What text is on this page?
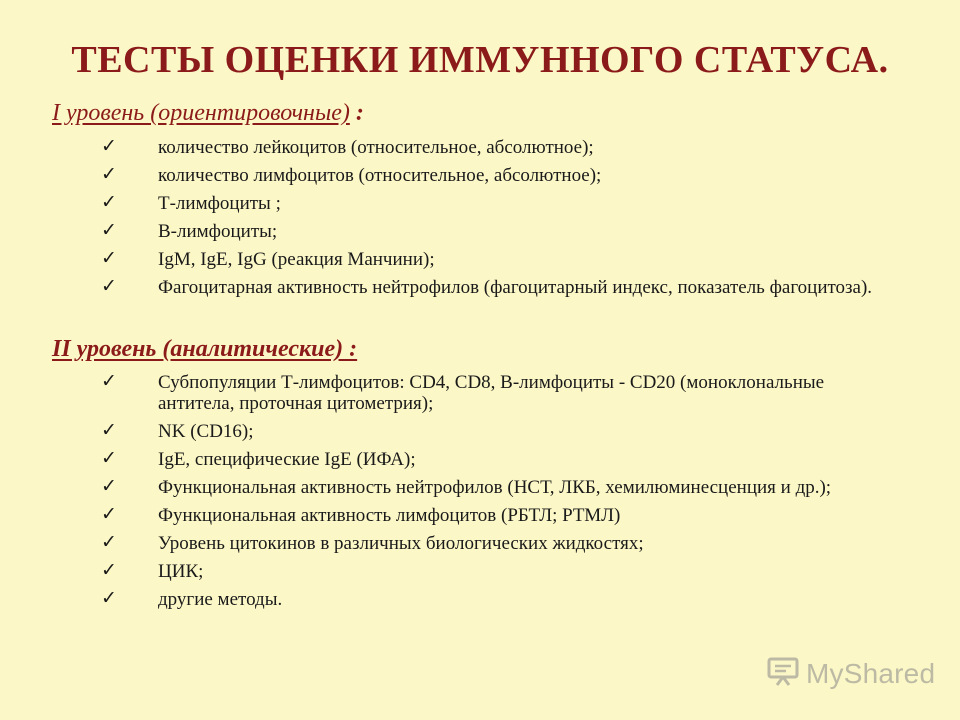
ТЕСТЫ ОЦЕНКИ ИММУННОГО СТАТУСА.
I уровень (ориентировочные) :
✓ количество лейкоцитов (относительное, абсолютное);
✓ количество лимфоцитов (относительное, абсолютное);
✓ Т-лимфоциты ;
✓ В-лимфоциты;
✓ IgM, IgE, IgG (реакция Манчини);
✓ Фагоцитарная активность нейтрофилов (фагоцитарный индекс, показатель фагоцитоза).
II уровень (аналитические) :
✓ Субпопуляции Т-лимфоцитов: CD4, CD8, В-лимфоциты - CD20 (моноклональные антитела, проточная цитометрия);
✓ NK (CD16);
✓ IgE, специфические IgE (ИФА);
✓ Функциональная активность нейтрофилов (НСТ, ЛКБ, хемилюминесценция и др.);
✓ Функциональная активность лимфоцитов (РБТЛ; РТМЛ)
✓ Уровень цитокинов в различных биологических жидкостях;
✓ ЦИК;
✓ другие методы.
MyShared
